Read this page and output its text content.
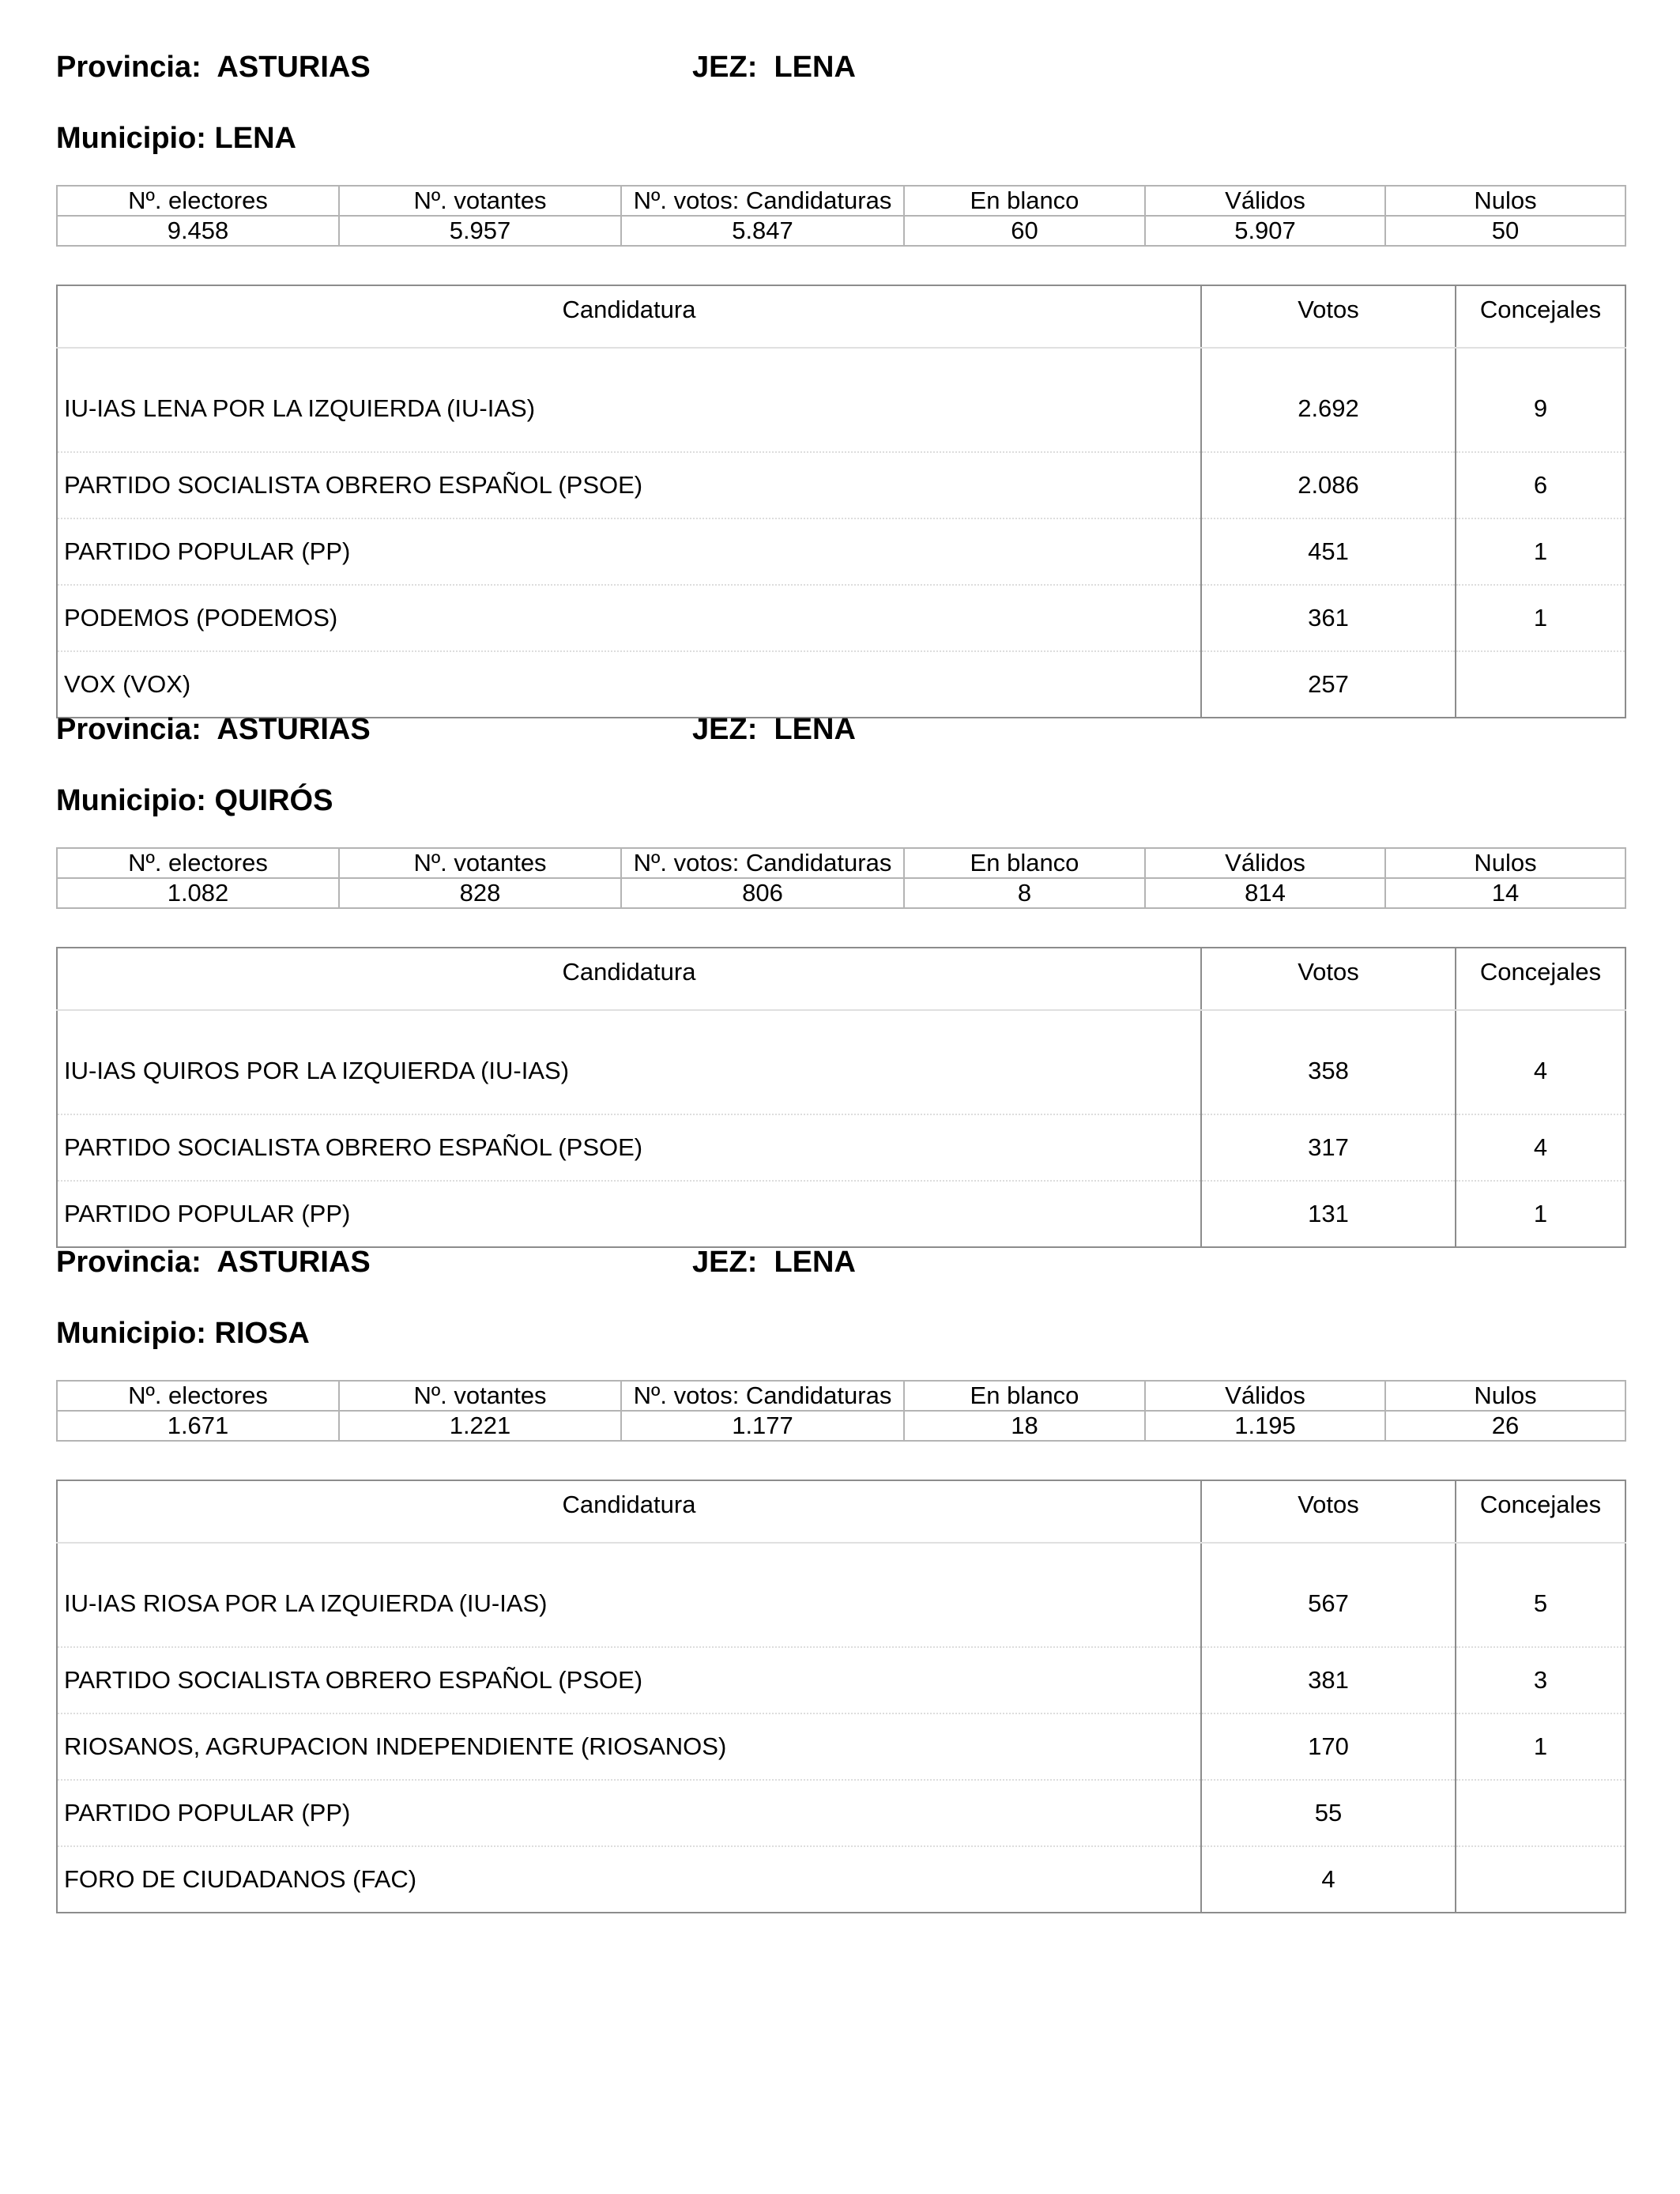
Provincia:  ASTURIAS	JEZ:  LENA
Municipio: LENA
Nº. electores	Nº. votantes	Nº. votos: Candidaturas	En blanco	Válidos	Nulos
9.458	5.957	5.847	60	5.907	50
Candidatura	Votos	Concejales
IU-IAS LENA POR LA IZQUIERDA (IU-IAS)	2.692	9
PARTIDO SOCIALISTA OBRERO ESPAÑOL (PSOE)	2.086	6
PARTIDO POPULAR (PP)	451	1
PODEMOS (PODEMOS)	361	1
VOX (VOX)	257	
Provincia:  ASTURIAS	JEZ:  LENA
Municipio: QUIRÓS
Nº. electores	Nº. votantes	Nº. votos: Candidaturas	En blanco	Válidos	Nulos
1.082	828	806	8	814	14
Candidatura	Votos	Concejales
IU-IAS QUIROS POR LA IZQUIERDA (IU-IAS)	358	4
PARTIDO SOCIALISTA OBRERO ESPAÑOL (PSOE)	317	4
PARTIDO POPULAR (PP)	131	1
Provincia:  ASTURIAS	JEZ:  LENA
Municipio: RIOSA
Nº. electores	Nº. votantes	Nº. votos: Candidaturas	En blanco	Válidos	Nulos
1.671	1.221	1.177	18	1.195	26
Candidatura	Votos	Concejales
IU-IAS RIOSA POR LA IZQUIERDA (IU-IAS)	567	5
PARTIDO SOCIALISTA OBRERO ESPAÑOL (PSOE)	381	3
RIOSANOS, AGRUPACION INDEPENDIENTE (RIOSANOS)	170	1
PARTIDO POPULAR (PP)	55	
FORO DE CIUDADANOS (FAC)	4	
